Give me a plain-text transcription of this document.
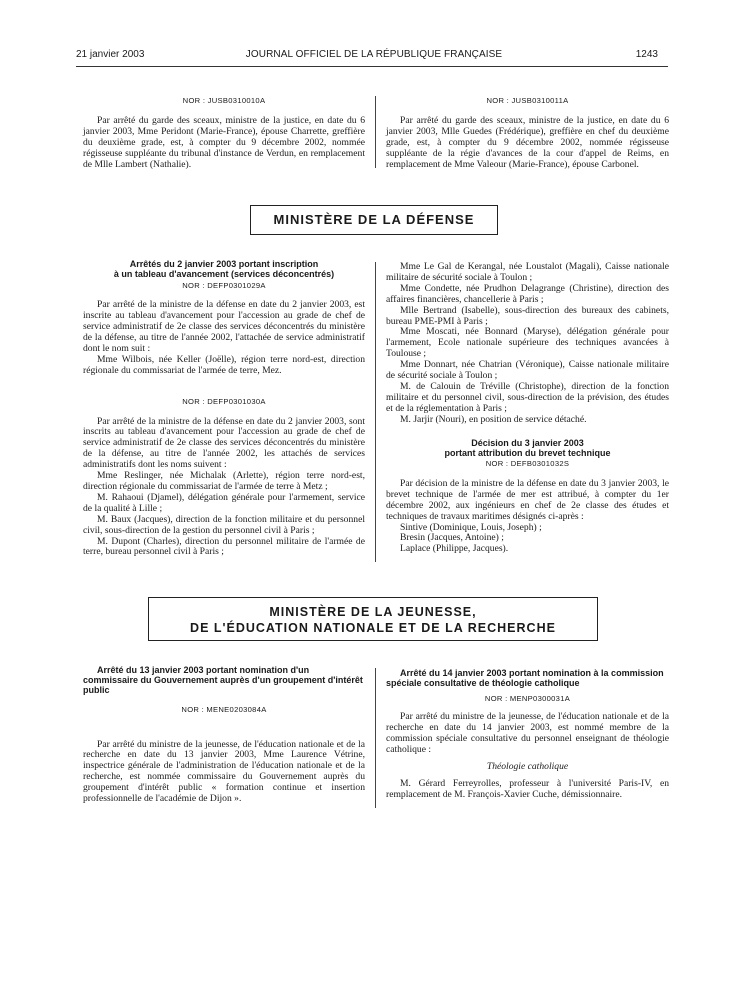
21 janvier 2003	JOURNAL OFFICIEL DE LA RÉPUBLIQUE FRANÇAISE	1243

NOR : JUSB0310010A

Par arrêté du garde des sceaux, ministre de la justice, en date du 6 janvier 2003, Mme Peridont (Marie-France), épouse Charrette, greffière du deuxième grade, est, à compter du 9 décembre 2002, nommée régisseuse suppléante du tribunal d'instance de Verdun, en remplacement de Mlle Lambert (Nathalie).

NOR : JUSB0310011A

Par arrêté du garde des sceaux, ministre de la justice, en date du 6 janvier 2003, Mlle Guedes (Frédérique), greffière en chef du deuxième grade, est, à compter du 9 décembre 2002, nommée régisseuse suppléante de la régie d'avances de la cour d'appel de Reims, en remplacement de Mme Valeour (Marie-France), épouse Carbonel.

MINISTÈRE DE LA DÉFENSE

Arrêtés du 2 janvier 2003 portant inscription

à un tableau d'avancement (services déconcentrés)

NOR : DEFP0301029A

Par arrêté de la ministre de la défense en date du 2 janvier 2003, est inscrite au tableau d'avancement pour l'accession au grade de chef de service administratif de 2e classe des services déconcentrés du ministère de la défense, au titre de l'année 2002, l'attachée de service administratif dont le nom suit :

Mme Wilbois, née Keller (Joëlle), région terre nord-est, direction régionale du commissariat de l'armée de terre, Mez.

NOR : DEFP0301030A

Par arrêté de la ministre de la défense en date du 2 janvier 2003, sont inscrits au tableau d'avancement pour l'accession au grade de chef de service administratif de 2e classe des services déconcentrés du ministère de la défense, au titre de l'année 2002, les attachés de services administratifs dont les noms suivent :

Mme Reslinger, née Michalak (Arlette), région terre nord-est, direction régionale du commissariat de l'armée de terre à Metz ;

M. Rahaoui (Djamel), délégation générale pour l'armement, service de la qualité à Lille ;

M. Baux (Jacques), direction de la fonction militaire et du personnel civil, sous-direction de la gestion du personnel civil à Paris ;

M. Dupont (Charles), direction du personnel militaire de l'armée de terre, bureau personnel civil à Paris ;

Mme Le Gal de Kerangal, née Loustalot (Magali), Caisse nationale militaire de sécurité sociale à Toulon ;

Mme Condette, née Prudhon Delagrange (Christine), direction des affaires financières, chancellerie à Paris ;

Mlle Bertrand (Isabelle), sous-direction des bureaux des cabinets, bureau PME-PMI à Paris ;

Mme Moscati, née Bonnard (Maryse), délégation générale pour l'armement, Ecole nationale supérieure des techniques avancées à Toulouse ;

Mme Donnart, née Chatrian (Véronique), Caisse nationale militaire de sécurité sociale à Toulon ;

M. de Calouin de Tréville (Christophe), direction de la fonction militaire et du personnel civil, sous-direction de la prévision, des études et de la réglementation à Paris ;

M. Jarjir (Nouri), en position de service détaché.

Décision du 3 janvier 2003

portant attribution du brevet technique

NOR : DEFB0301032S

Par décision de la ministre de la défense en date du 3 janvier 2003, le brevet technique de l'armée de mer est attribué, à compter du 1er décembre 2002, aux ingénieurs en chef de 2e classe des études et techniques de travaux maritimes désignés ci-après :

Sintive (Dominique, Louis, Joseph) ;

Bresin (Jacques, Antoine) ;

Laplace (Philippe, Jacques).

MINISTÈRE DE LA JEUNESSE,
DE L'ÉDUCATION NATIONALE ET DE LA RECHERCHE

Arrêté du 13 janvier 2003 portant nomination d'un commissaire du Gouvernement auprès d'un groupement d'intérêt public

NOR : MENE0203084A

Par arrêté du ministre de la jeunesse, de l'éducation nationale et de la recherche en date du 13 janvier 2003, Mme Laurence Vétrine, inspectrice générale de l'administration de l'éducation nationale et de la recherche, est nommée commissaire du Gouvernement auprès du groupement d'intérêt public « formation continue et insertion professionnelle de l'académie de Dijon ».

Arrêté du 14 janvier 2003 portant nomination à la commission spéciale consultative de théologie catholique

NOR : MENP0300031A

Par arrêté du ministre de la jeunesse, de l'éducation nationale et de la recherche en date du 14 janvier 2003, est nommé membre de la commission spéciale consultative du personnel enseignant de théologie catholique :

Théologie catholique

M. Gérard Ferreyrolles, professeur à l'université Paris-IV, en remplacement de M. François-Xavier Cuche, démissionnaire.
